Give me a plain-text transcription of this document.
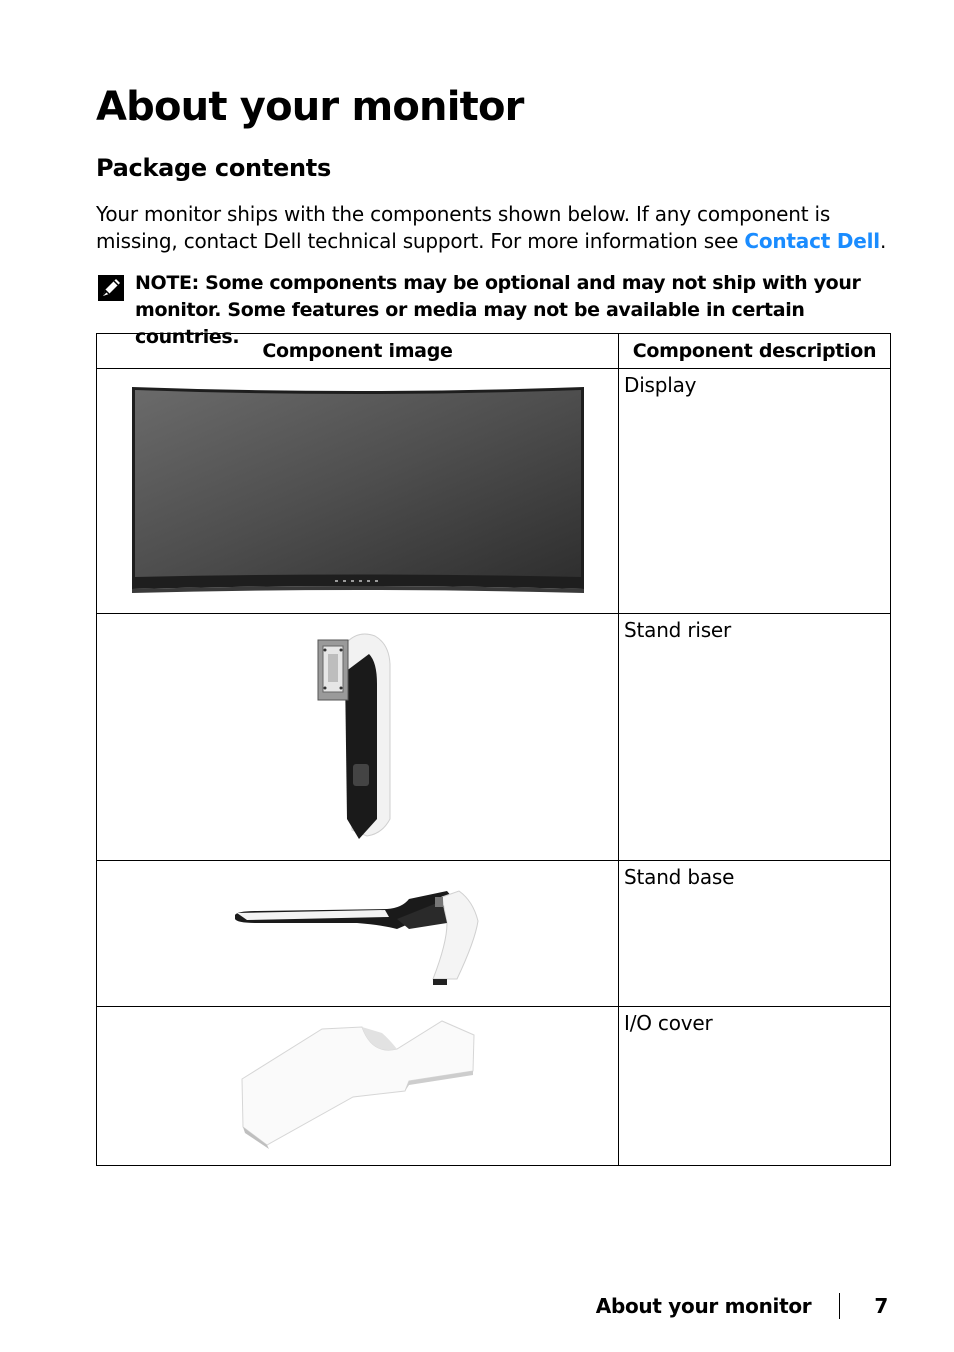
About your monitor
Package contents

Your monitor ships with the components shown below. If any component is missing, contact Dell technical support. For more information see Contact Dell.

NOTE: Some components may be optional and may not ship with your monitor. Some features or media may not be available in certain countries.

Component image	Component description

	Display

	Stand riser

	Stand base

	I/O cover
About your monitor	7
